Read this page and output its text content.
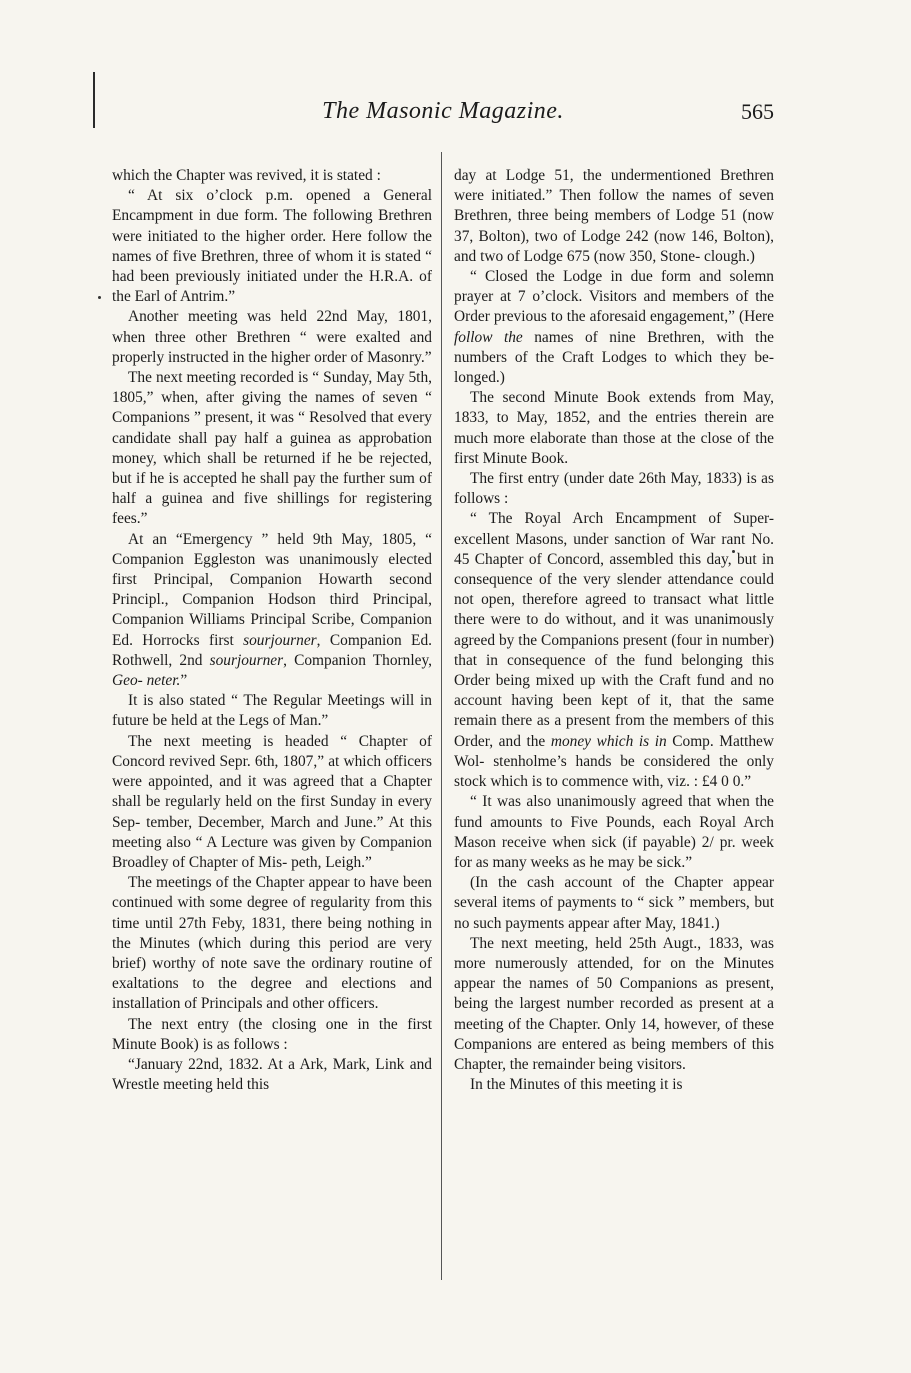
The Masonic Magazine.	565

which the Chapter was revived, it is stated :

“ At six o’clock p.m. opened a General Encampment in due form. The following Brethren were initiated to the higher order. Here follow the names of five Brethren, three of whom it is stated “ had been previously initiated under the H.R.A. of the Earl of Antrim.”

Another meeting was held 22nd May, 1801, when three other Brethren “ were exalted and properly instructed in the higher order of Masonry.”

The next meeting recorded is “ Sunday, May 5th, 1805,” when, after giving the names of seven “ Companions ” present, it was “ Resolved that every candidate shall pay half a guinea as approbation money, which shall be returned if he be rejected, but if he is accepted he shall pay the further sum of half a guinea and five shillings for registering fees.”

At an “Emergency ” held 9th May, 1805, “ Companion Eggleston was unanimously elected first Principal, Companion Howarth second Principl., Companion Hodson third Principal, Companion Williams Principal Scribe, Companion Ed. Horrocks first sourjourner, Companion Ed. Rothwell, 2nd sourjourner, Companion Thornley, Geo- neter.”

It is also stated “ The Regular Meetings will in future be held at the Legs of Man.”

The next meeting is headed “ Chapter of Concord revived Sepr. 6th, 1807,” at which officers were appointed, and it was agreed that a Chapter shall be regularly held on the first Sunday in every Sep- tember, December, March and June.” At this meeting also “ A Lecture was given by Companion Broadley of Chapter of Mis- peth, Leigh.”

The meetings of the Chapter appear to have been continued with some degree of regularity from this time until 27th Feby, 1831, there being nothing in the Minutes (which during this period are very brief) worthy of note save the ordinary routine of exaltations to the degree and elections and installation of Principals and other officers.

The next entry (the closing one in the first Minute Book) is as follows :

“January 22nd, 1832. At a Ark, Mark, Link and Wrestle meeting held this

day at Lodge 51, the undermentioned Brethren were initiated.” Then follow the names of seven Brethren, three being members of Lodge 51 (now 37, Bolton), two of Lodge 242 (now 146, Bolton), and two of Lodge 675 (now 350, Stone- clough.)

“ Closed the Lodge in due form and solemn prayer at 7 o’clock. Visitors and members of the Order previous to the aforesaid engagement,” (Here follow the names of nine Brethren, with the numbers of the Craft Lodges to which they be- longed.)

The second Minute Book extends from May, 1833, to May, 1852, and the entries therein are much more elaborate than those at the close of the first Minute Book.

The first entry (under date 26th May, 1833) is as follows :

“ The Royal Arch Encampment of Super- excellent Masons, under sanction of War rant No. 45 Chapter of Concord, assembled this day, but in consequence of the very slender attendance could not open, therefore agreed to transact what little there were to do without, and it was unanimously agreed by the Companions present (four in number) that in consequence of the fund belonging this Order being mixed up with the Craft fund and no account having been kept of it, that the same remain there as a present from the members of this Order, and the money which is in Comp. Matthew Wol- stenholme’s hands be considered the only stock which is to commence with, viz. : £4 0 0.”

“ It was also unanimously agreed that when the fund amounts to Five Pounds, each Royal Arch Mason receive when sick (if payable) 2/ pr. week for as many weeks as he may be sick.”

(In the cash account of the Chapter appear several items of payments to “ sick ” members, but no such payments appear after May, 1841.)

The next meeting, held 25th Augt., 1833, was more numerously attended, for on the Minutes appear the names of 50 Companions as present, being the largest number recorded as present at a meeting of the Chapter. Only 14, however, of these Companions are entered as being members of this Chapter, the remainder being visitors.

In the Minutes of this meeting it is
